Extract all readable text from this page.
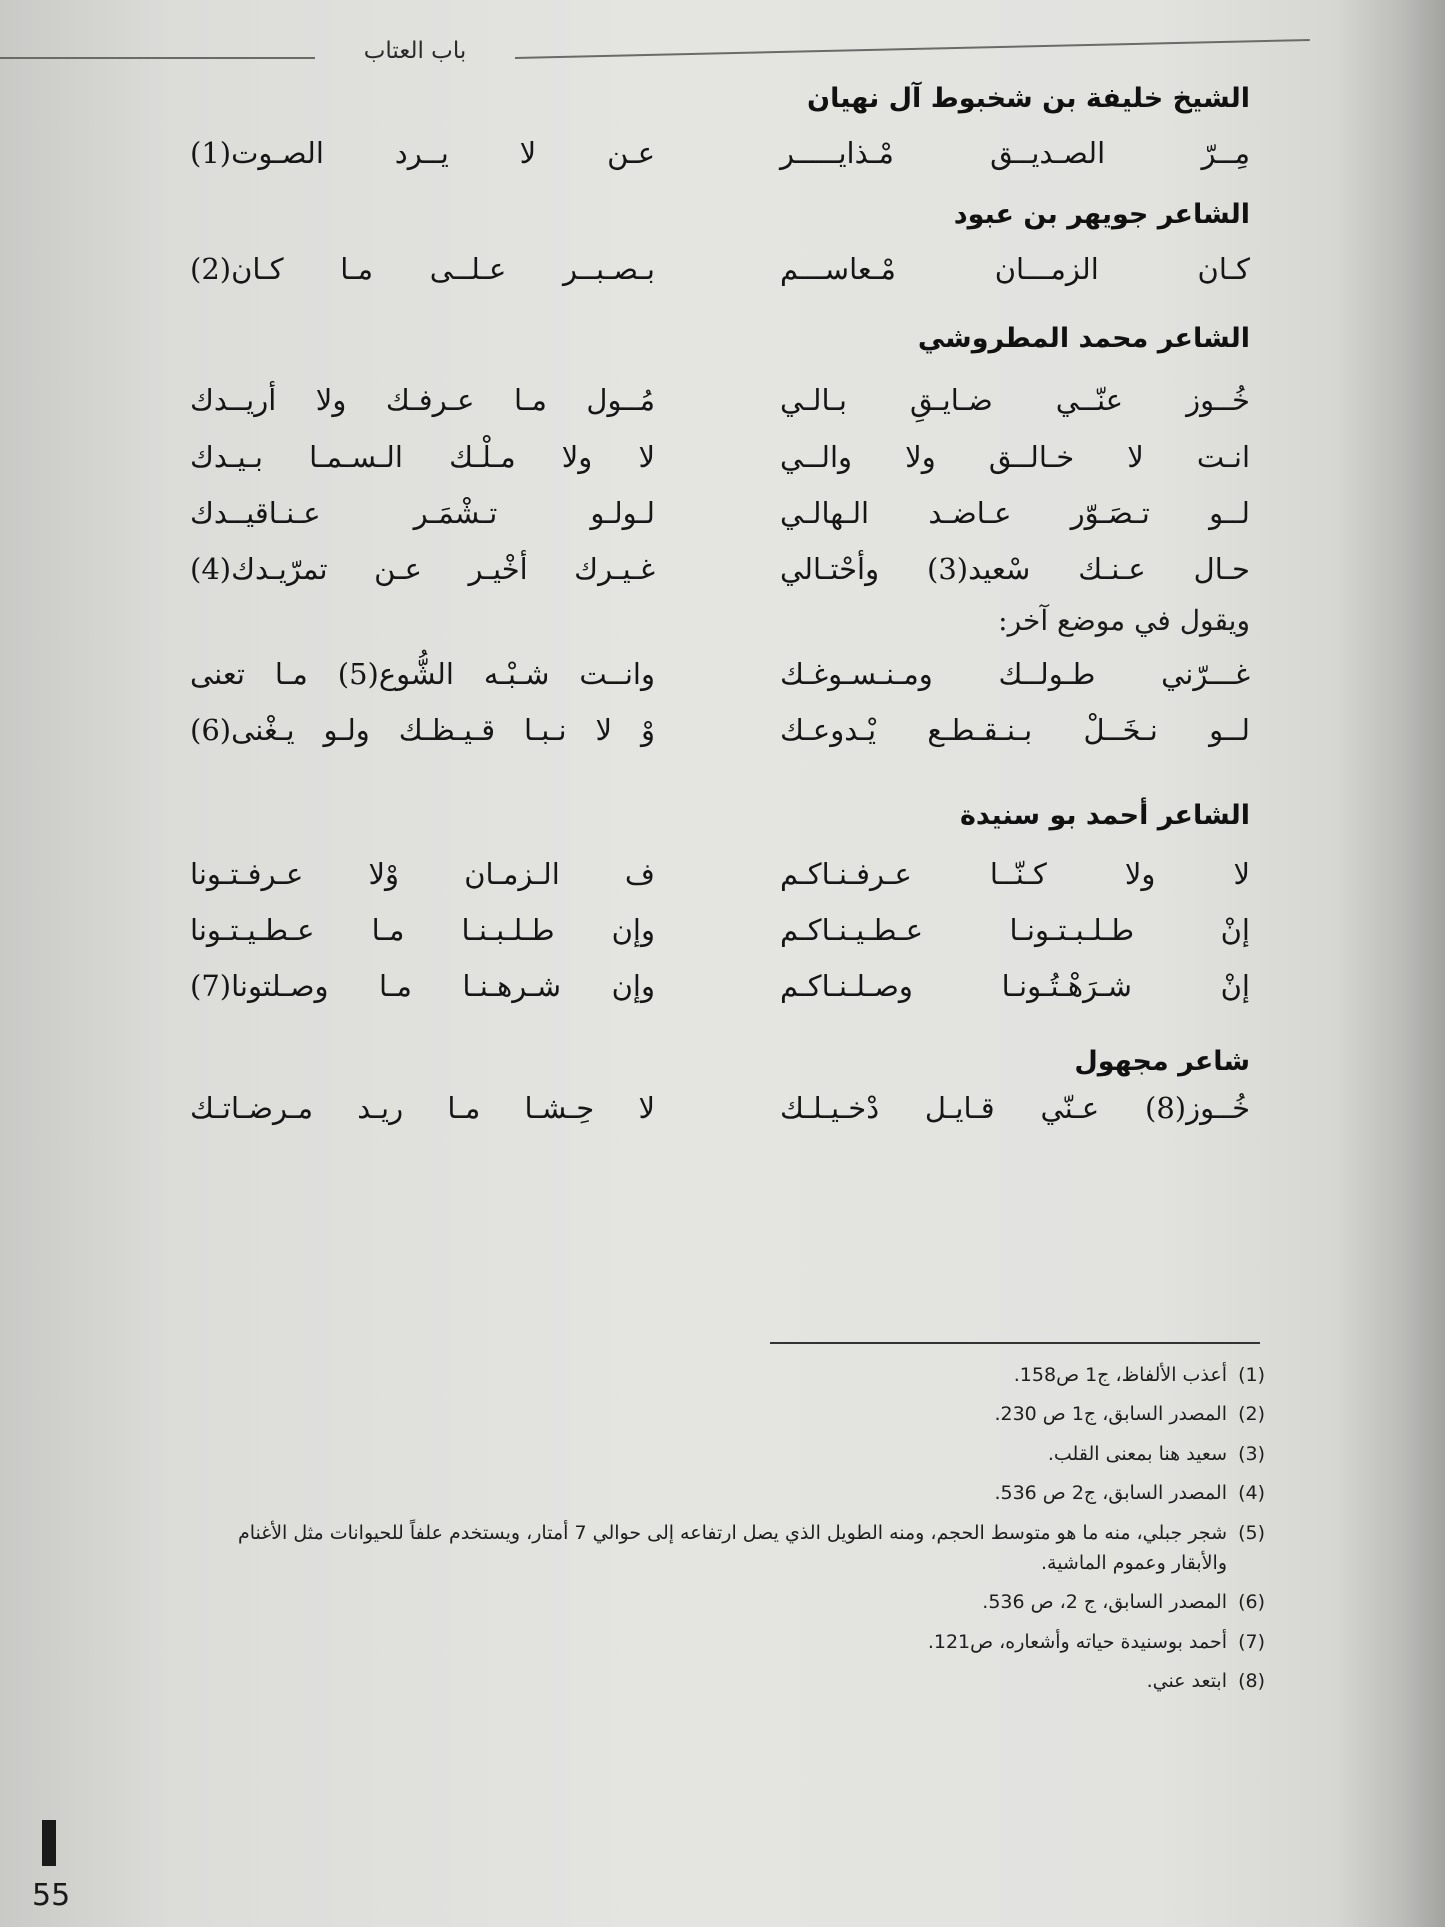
باب العتاب
الشيخ خليفة بن شخبوط آل نهيان
مِــرّ الصـديــق مْـذايـــــر
عـن لا يــرد الصـوت(1)
الشاعر جويهر بن عبود
كـان الزمـــان مْـعاســـم
بـصـبــر عـلــى مـا كـان(2)
الشاعر محمد المطروشي
خُــوز عنّــي ضـايـقِ بـالـي
مُــول مـا عـرفـك ولا أريــدك
انـت لا خـالــق ولا والــي
لا ولا مـلْـك الـسـمـا بـيـدك
لــو تـصَـوّر عـاضـد الـهالـي
لـولـو تـشْمَـر عـنـاقيــدك
حـال عـنـك سْعيد(3) وأحْتـالي
غـيـرك أخْيـر عـن تمرّيـدك(4)
ويقول في موضع آخر:
غـــرّني طـولــك ومـنـسـوغـك
وانــت شـبْـه الشُّوع(5) مـا تعنى
لــو نـخَــلْ بـنـقـطـع يْـدوعـك
وْ لا نـبـا قـيـظـك ولـو يـغْنى(6)
الشاعر أحمد بو سنيدة
لا ولا كـنّــا عـرفـنـاكـم
ف الـزمـان وْلا عـرفـتـونا
إنْ طـلـبـتـونـا عـطـيـنـاكـم
وإن طـلـبـنـا مـا عـطـيـتـونا
إنْ شـرَهْـتُـونـا وصـلـنـاكـم
وإن شـرهـنـا مـا وصـلتونا(7)
شاعر مجهول
خُــوز(8) عـنّي قـايـل دْخـيـلـك
لا حِـشـا مـا ريـد مـرضـاتـك
(1)
أعذب الألفاظ، ج1 ص158.
(2)
المصدر السابق، ج1 ص 230.
(3)
سعيد هنا بمعنى القلب.
(4)
المصدر السابق، ج2 ص 536.
(5)
شجر جبلي، منه ما هو متوسط الحجم، ومنه الطويل الذي يصل ارتفاعه إلى حوالي 7 أمتار، ويستخدم علفاً للحيوانات مثل الأغنام والأبقار وعموم الماشية.
(6)
المصدر السابق، ج 2، ص 536.
(7)
أحمد بوسنيدة حياته وأشعاره، ص121.
(8)
ابتعد عني.
55
